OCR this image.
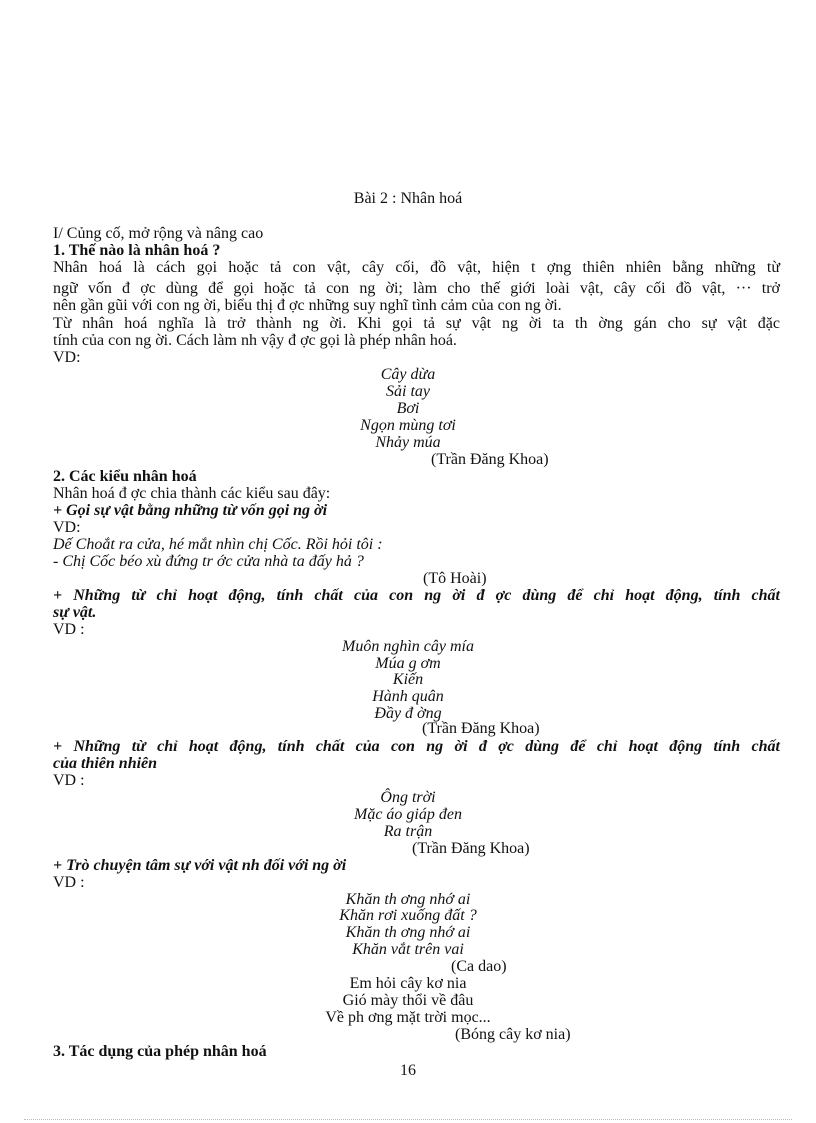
Bài 2 : Nhân hoá
I/ Củng cố, mở rộng và nâng cao
1. Thế nào là nhân hoá ?
Nhân hoá là cách gọi hoặc tả con vật, cây cối, đồ vật, hiện t ợng thiên nhiên bằng những từ
ngữ vốn đ ợc dùng để gọi hoặc tả con ng ời; làm cho thế giới loài vật, cây cối đồ vật, ··· trở
nên gần gũi với con ng ời, biểu thị đ ợc những suy nghĩ tình cảm của con ng ời.
Từ nhân hoá nghĩa là trở thành ng ời. Khi gọi tả sự vật ng ời ta th ờng gán cho sự vật đặc
tính của con ng ời. Cách làm nh vậy đ ợc gọi là phép nhân hoá.
VD:
Cây dừa
Sải tay
Bơi
Ngọn mùng tơi
Nhảy múa
(Trần Đăng Khoa)
2. Các kiểu nhân hoá
Nhân hoá đ ợc chia thành các kiểu sau đây:
+ Gọi sự vật bằng những từ vốn gọi ng ời
VD:
Dế Choắt ra cửa, hé mắt nhìn chị Cốc. Rồi hỏi tôi :
- Chị Cốc béo xù đứng tr ớc cửa nhà ta đấy hả ?
(Tô Hoài)
+ Những từ chỉ hoạt động, tính chất của con ng ời đ ợc dùng để chỉ hoạt động, tính chất
sự vật.
VD :
Muôn nghìn cây mía
Múa g ơm
Kiến
Hành quân
Đầy đ ờng
(Trần Đăng Khoa)
+ Những từ chỉ hoạt động, tính chất của con ng ời đ ợc dùng để chỉ hoạt động tính chất
của thiên nhiên
VD :
Ông trời
Mặc áo giáp đen
Ra trận
(Trần Đăng Khoa)
+ Trò chuyện tâm sự với vật nh đối với ng ời
VD :
Khăn th ơng nhớ ai
Khăn rơi xuống đất ?
Khăn th ơng nhớ ai
Khăn vắt trên vai
(Ca dao)
Em hỏi cây kơ nia
Gió mày thổi về đâu
Về ph ơng mặt trời mọc...
(Bóng cây kơ nia)
3. Tác dụng của phép nhân hoá
16
